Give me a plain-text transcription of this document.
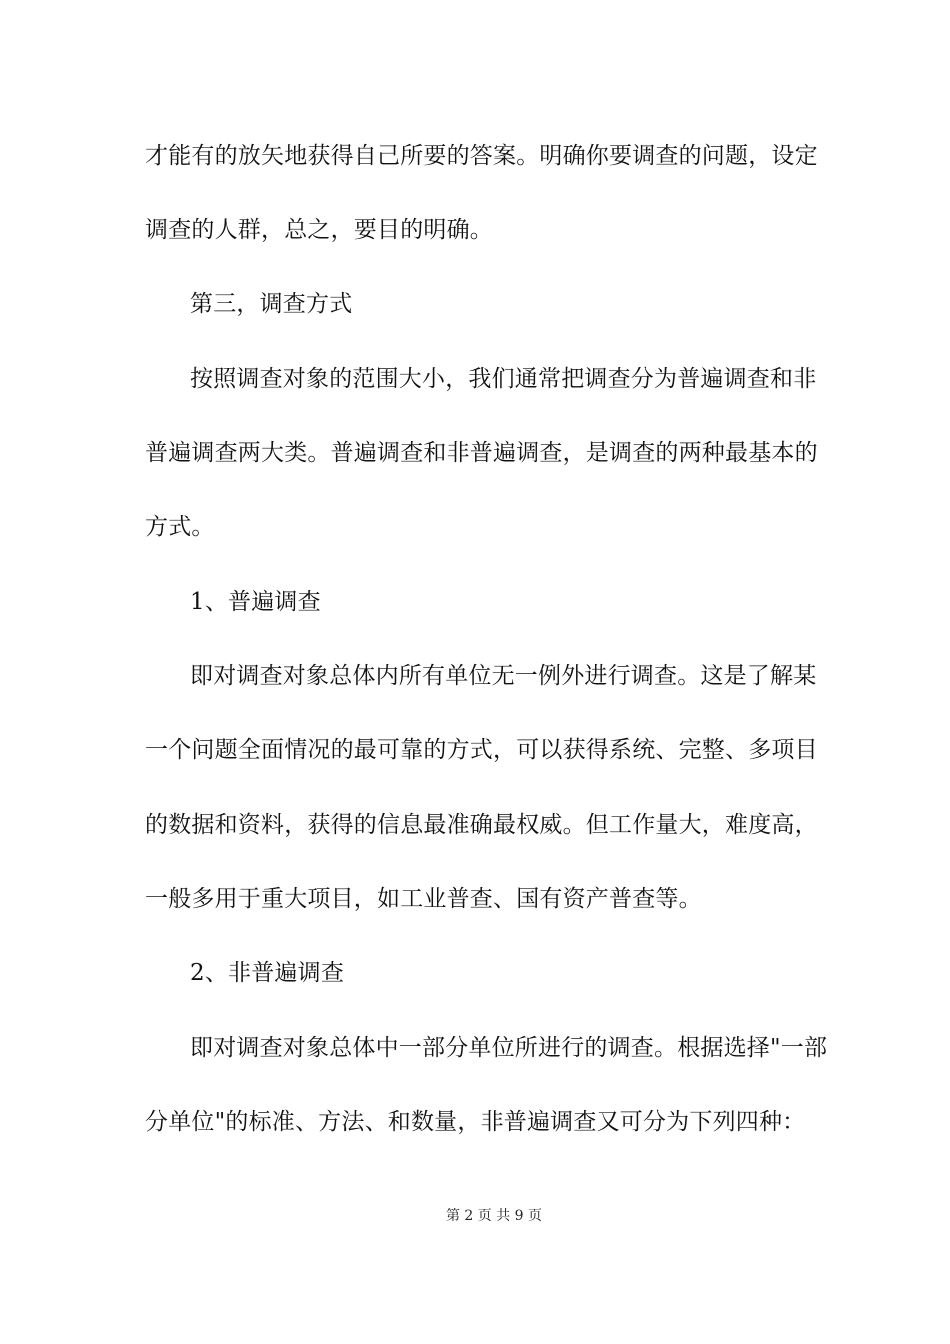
才能有的放矢地获得自己所要的答案。明确你要调查的问题，设定
调查的人群，总之，要目的明确。
第三，调查方式
按照调查对象的范围大小，我们通常把调查分为普遍调查和非
普遍调查两大类。普遍调查和非普遍调查，是调查的两种最基本的
方式。
1、普遍调查
即对调查对象总体内所有单位无一例外进行调查。这是了解某
一个问题全面情况的最可靠的方式，可以获得系统、完整、多项目
的数据和资料，获得的信息最准确最权威。但工作量大，难度高，
一般多用于重大项目，如工业普查、国有资产普查等。
2、非普遍调查
即对调查对象总体中一部分单位所进行的调查。根据选择"一部
分单位"的标准、方法、和数量，非普遍调查又可分为下列四种：
第 2 页 共 9 页
